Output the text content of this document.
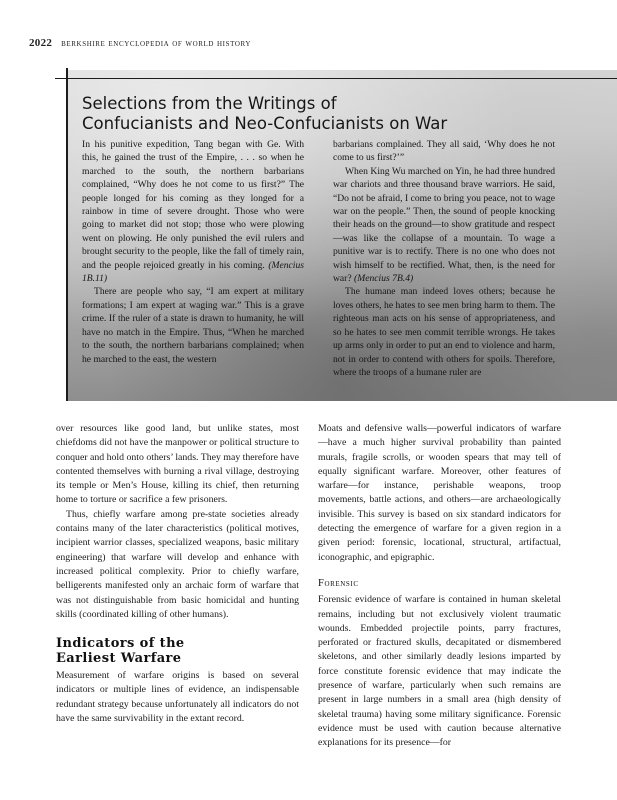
2022 berkshire encyclopedia of world history
Selections from the Writings of
Confucianists and Neo-Confucianists on War

In his punitive expedition, Tang began with Ge. With this, he gained the trust of the Empire, . . . so when he marched to the south, the northern barbarians complained, “Why does he not come to us first?” The people longed for his coming as they longed for a rainbow in time of severe drought. Those who were going to market did not stop; those who were plowing went on plowing. He only punished the evil rulers and brought security to the people, like the fall of timely rain, and the people rejoiced greatly in his coming. (Mencius 1B.11)

There are people who say, “I am expert at military formations; I am expert at waging war.” This is a grave crime. If the ruler of a state is drawn to humanity, he will have no match in the Empire. Thus, “When he marched to the south, the northern barbarians complained; when he marched to the east, the western

barbarians complained. They all said, ‘Why does he not come to us first?’”

When King Wu marched on Yin, he had three hundred war chariots and three thousand brave warriors. He said, “Do not be afraid, I come to bring you peace, not to wage war on the people.” Then, the sound of people knocking their heads on the ground—to show gratitude and respect—was like the collapse of a mountain. To wage a punitive war is to rectify. There is no one who does not wish himself to be rectified. What, then, is the need for war? (Mencius 7B.4)

The humane man indeed loves others; because he loves others, he hates to see men bring harm to them. The righteous man acts on his sense of appropriateness, and so he hates to see men commit terrible wrongs. He takes up arms only in order to put an end to violence and harm, not in order to contend with others for spoils. Therefore, where the troops of a humane ruler are

over resources like good land, but unlike states, most chiefdoms did not have the manpower or political structure to conquer and hold onto others’ lands. They may therefore have contented themselves with burning a rival village, destroying its temple or Men’s House, killing its chief, then returning home to torture or sacrifice a few prisoners.

Thus, chiefly warfare among pre-state societies already contains many of the later characteristics (political motives, incipient warrior classes, specialized weapons, basic military engineering) that warfare will develop and enhance with increased political complexity. Prior to chiefly warfare, belligerents manifested only an archaic form of warfare that was not distinguishable from basic homicidal and hunting skills (coordinated killing of other humans).

Indicators of the
Earliest Warfare

Measurement of warfare origins is based on several indicators or multiple lines of evidence, an indispensable redundant strategy because unfortunately all indicators do not have the same survivability in the extant record.

Moats and defensive walls—powerful indicators of warfare—have a much higher survival probability than painted murals, fragile scrolls, or wooden spears that may tell of equally significant warfare. Moreover, other features of warfare—for instance, perishable weapons, troop movements, battle actions, and others—are archaeologically invisible. This survey is based on six standard indicators for detecting the emergence of warfare for a given region in a given period: forensic, locational, structural, artifactual, iconographic, and epigraphic.

Forensic

Forensic evidence of warfare is contained in human skeletal remains, including but not exclusively violent traumatic wounds. Embedded projectile points, parry fractures, perforated or fractured skulls, decapitated or dismembered skeletons, and other similarly deadly lesions imparted by force constitute forensic evidence that may indicate the presence of warfare, particularly when such remains are present in large numbers in a small area (high density of skeletal trauma) having some military significance. Forensic evidence must be used with caution because alternative explanations for its presence—for
